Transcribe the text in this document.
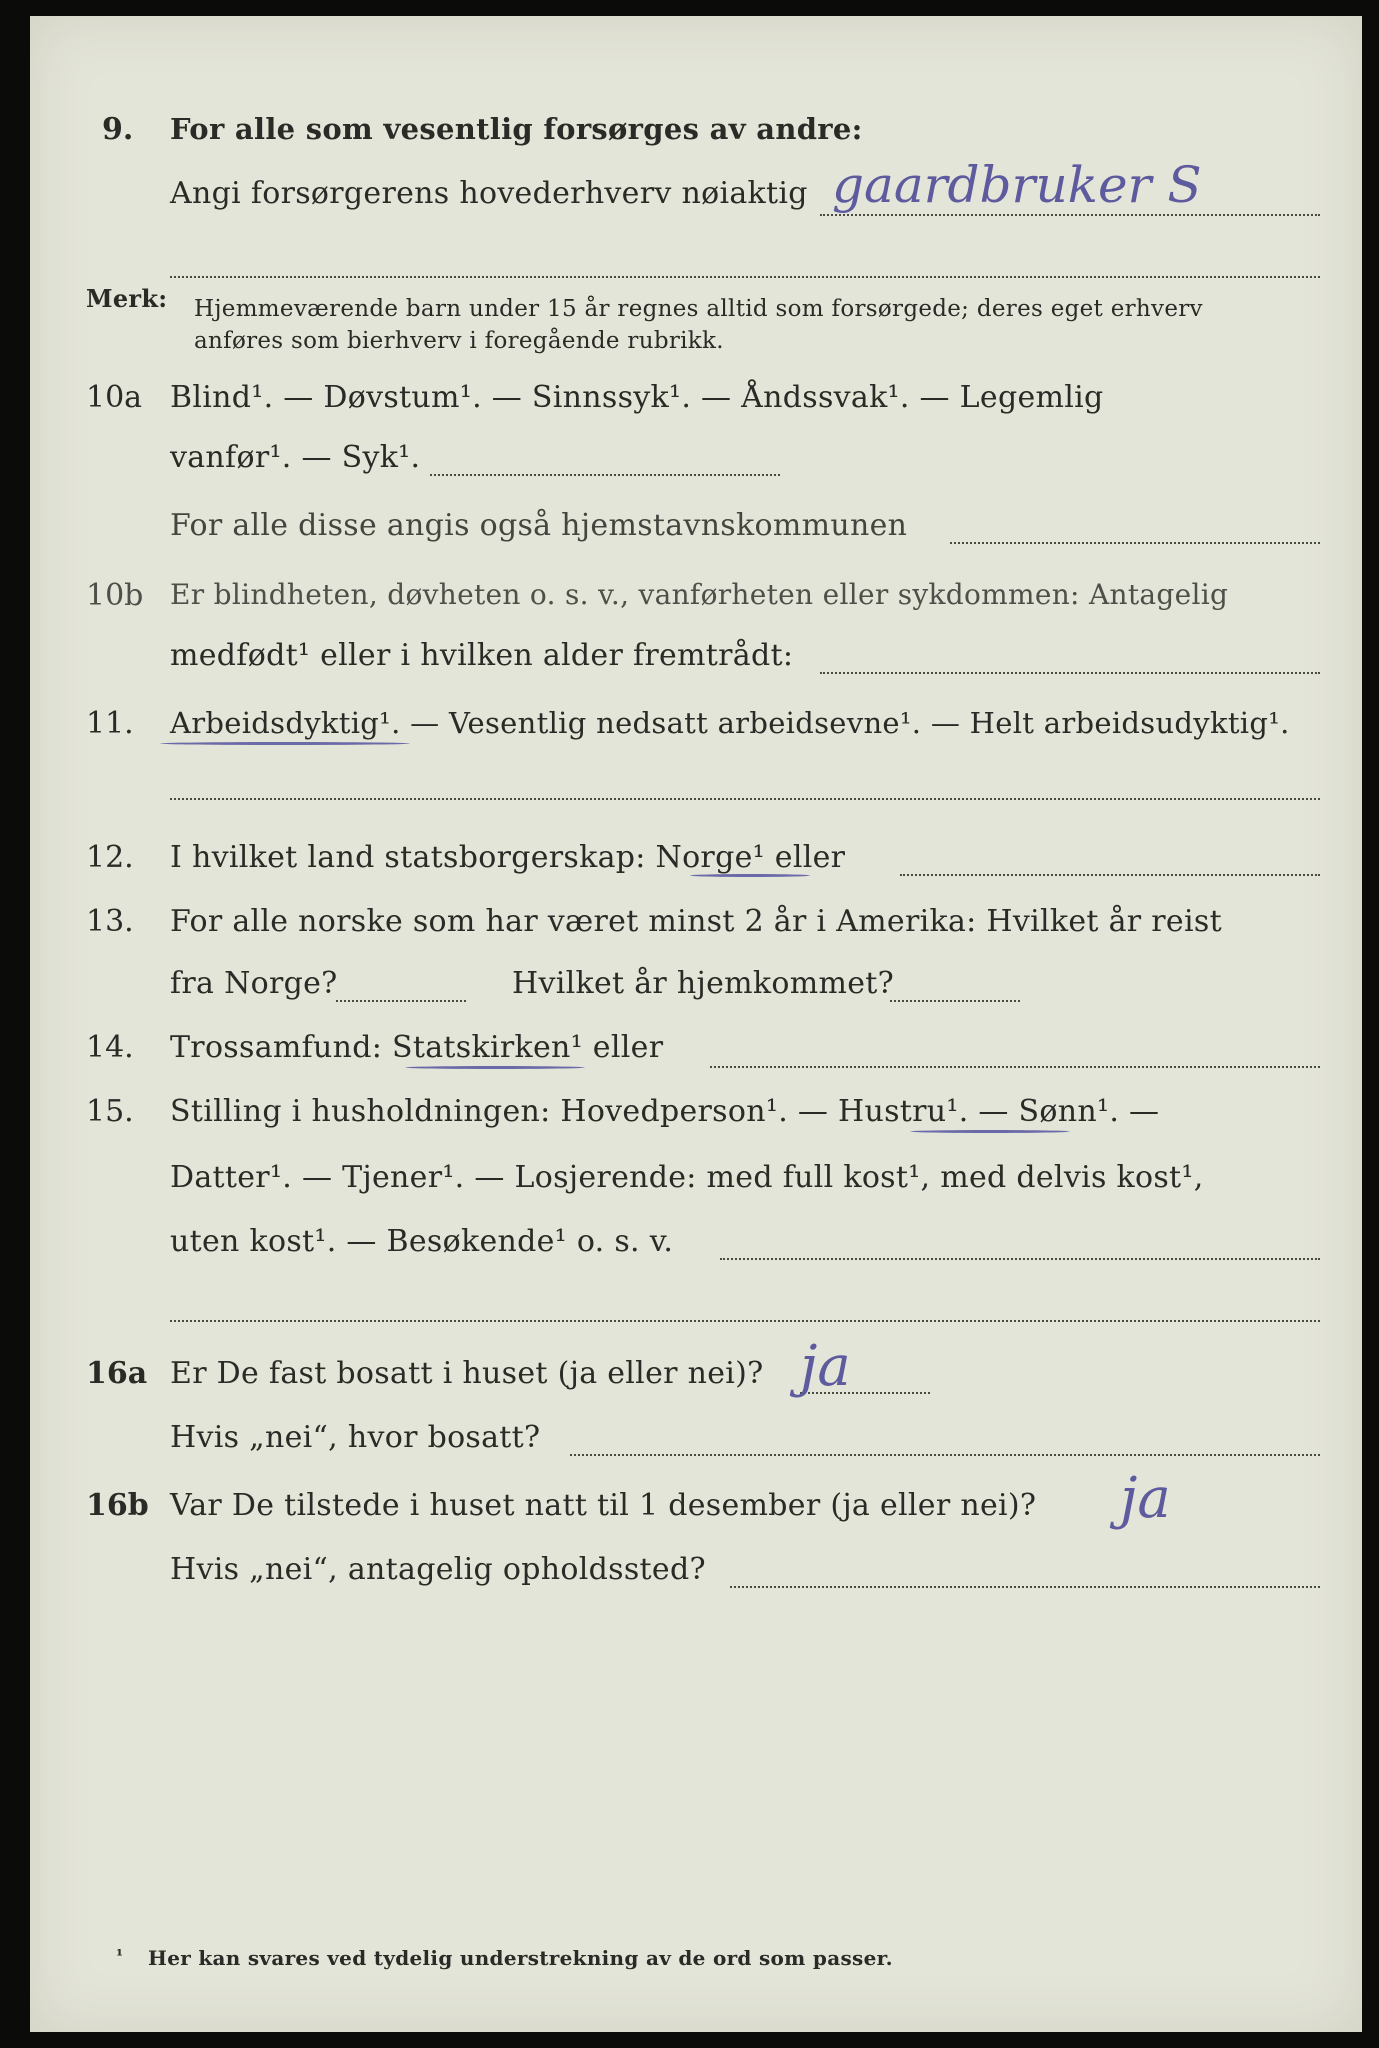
9. For alle som vesentlig forsørges av andre:
Angi forsørgerens hovederhverv nøiaktig gaardbruker S
Merk: Hjemmeværende barn under 15 år regnes alltid som forsørgede; deres eget erhverv
anføres som bierhverv i foregående rubrikk.
10a Blind¹. — Døvstum¹. — Sinnssyk¹. — Åndssvak¹. — Legemlig
vanfør¹. — Syk¹.
For alle disse angis også hjemstavnskommunen
10b Er blindheten, døvheten o. s. v., vanførheten eller sykdommen: Antagelig
medfødt¹ eller i hvilken alder fremtrådt:
11. Arbeidsdyktig¹. — Vesentlig nedsatt arbeidsevne¹. — Helt arbeidsudyktig¹.
12. I hvilket land statsborgerskap: Norge¹ eller
13. For alle norske som har været minst 2 år i Amerika: Hvilket år reist
fra Norge?	Hvilket år hjemkommet?
14. Trossamfund: Statskirken¹ eller
15. Stilling i husholdningen: Hovedperson¹. — Hustru¹. — Sønn¹. —
Datter¹. — Tjener¹. — Losjerende: med full kost¹, med delvis kost¹,
uten kost¹. — Besøkende¹ o. s. v.
16a Er De fast bosatt i huset (ja eller nei)? ja
Hvis „nei“, hvor bosatt?
16b Var De tilstede i huset natt til 1 desember (ja eller nei)? ja
Hvis „nei“, antagelig opholdssted?
¹ Her kan svares ved tydelig understrekning av de ord som passer.
